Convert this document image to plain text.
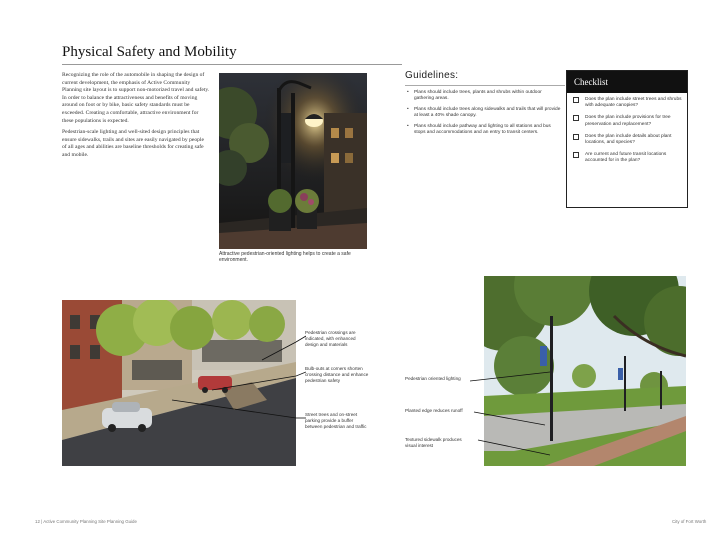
Physical Safety and Mobility

Recognizing the role of the automobile in shaping the design of current development, the emphasis of Active Community Planning site layout is to support non-motorized travel and safety. In order to balance the attractiveness and benefits of moving around on foot or by bike, basic safety standards must be exceeded. Creating a comfortable, attractive environment for these populations is expected.

Pedestrian-scale lighting and well-sited design principles that ensure sidewalks, trails and sites are easily navigated by people of all ages and abilities are baseline thresholds for creating safe and mobile.

Attractive pedestrian-oriented lighting helps to create a safe environment.
Guidelines:
• Plans should include trees, plants and shrubs within outdoor gathering areas.
• Plans should include trees along sidewalks and trails that will provide at least a 40% shade canopy.
• Plans should include pathway and lighting to all stations and bus stops and accommodations and an entry to transit centers.
Checklist
Does the plan include street trees and shrubs with adequate canopies?
Does the plan include provisions for tree preservation and replacement?
Does the plan include details about plant locations, and species?
Are current and future transit locations accounted for in the plan?
Pedestrian crossings are indicated, with enhanced design and materials
Bulb-outs at corners shorten crossing distance and enhance pedestrian safety
Street trees and on-street parking provide a buffer between pedestrian and traffic
Pedestrian oriented lighting
Planted edge reduces runoff
Textured sidewalk produces visual interest
12 | Active Community Planning Site Planning Guide	City of Fort Worth
